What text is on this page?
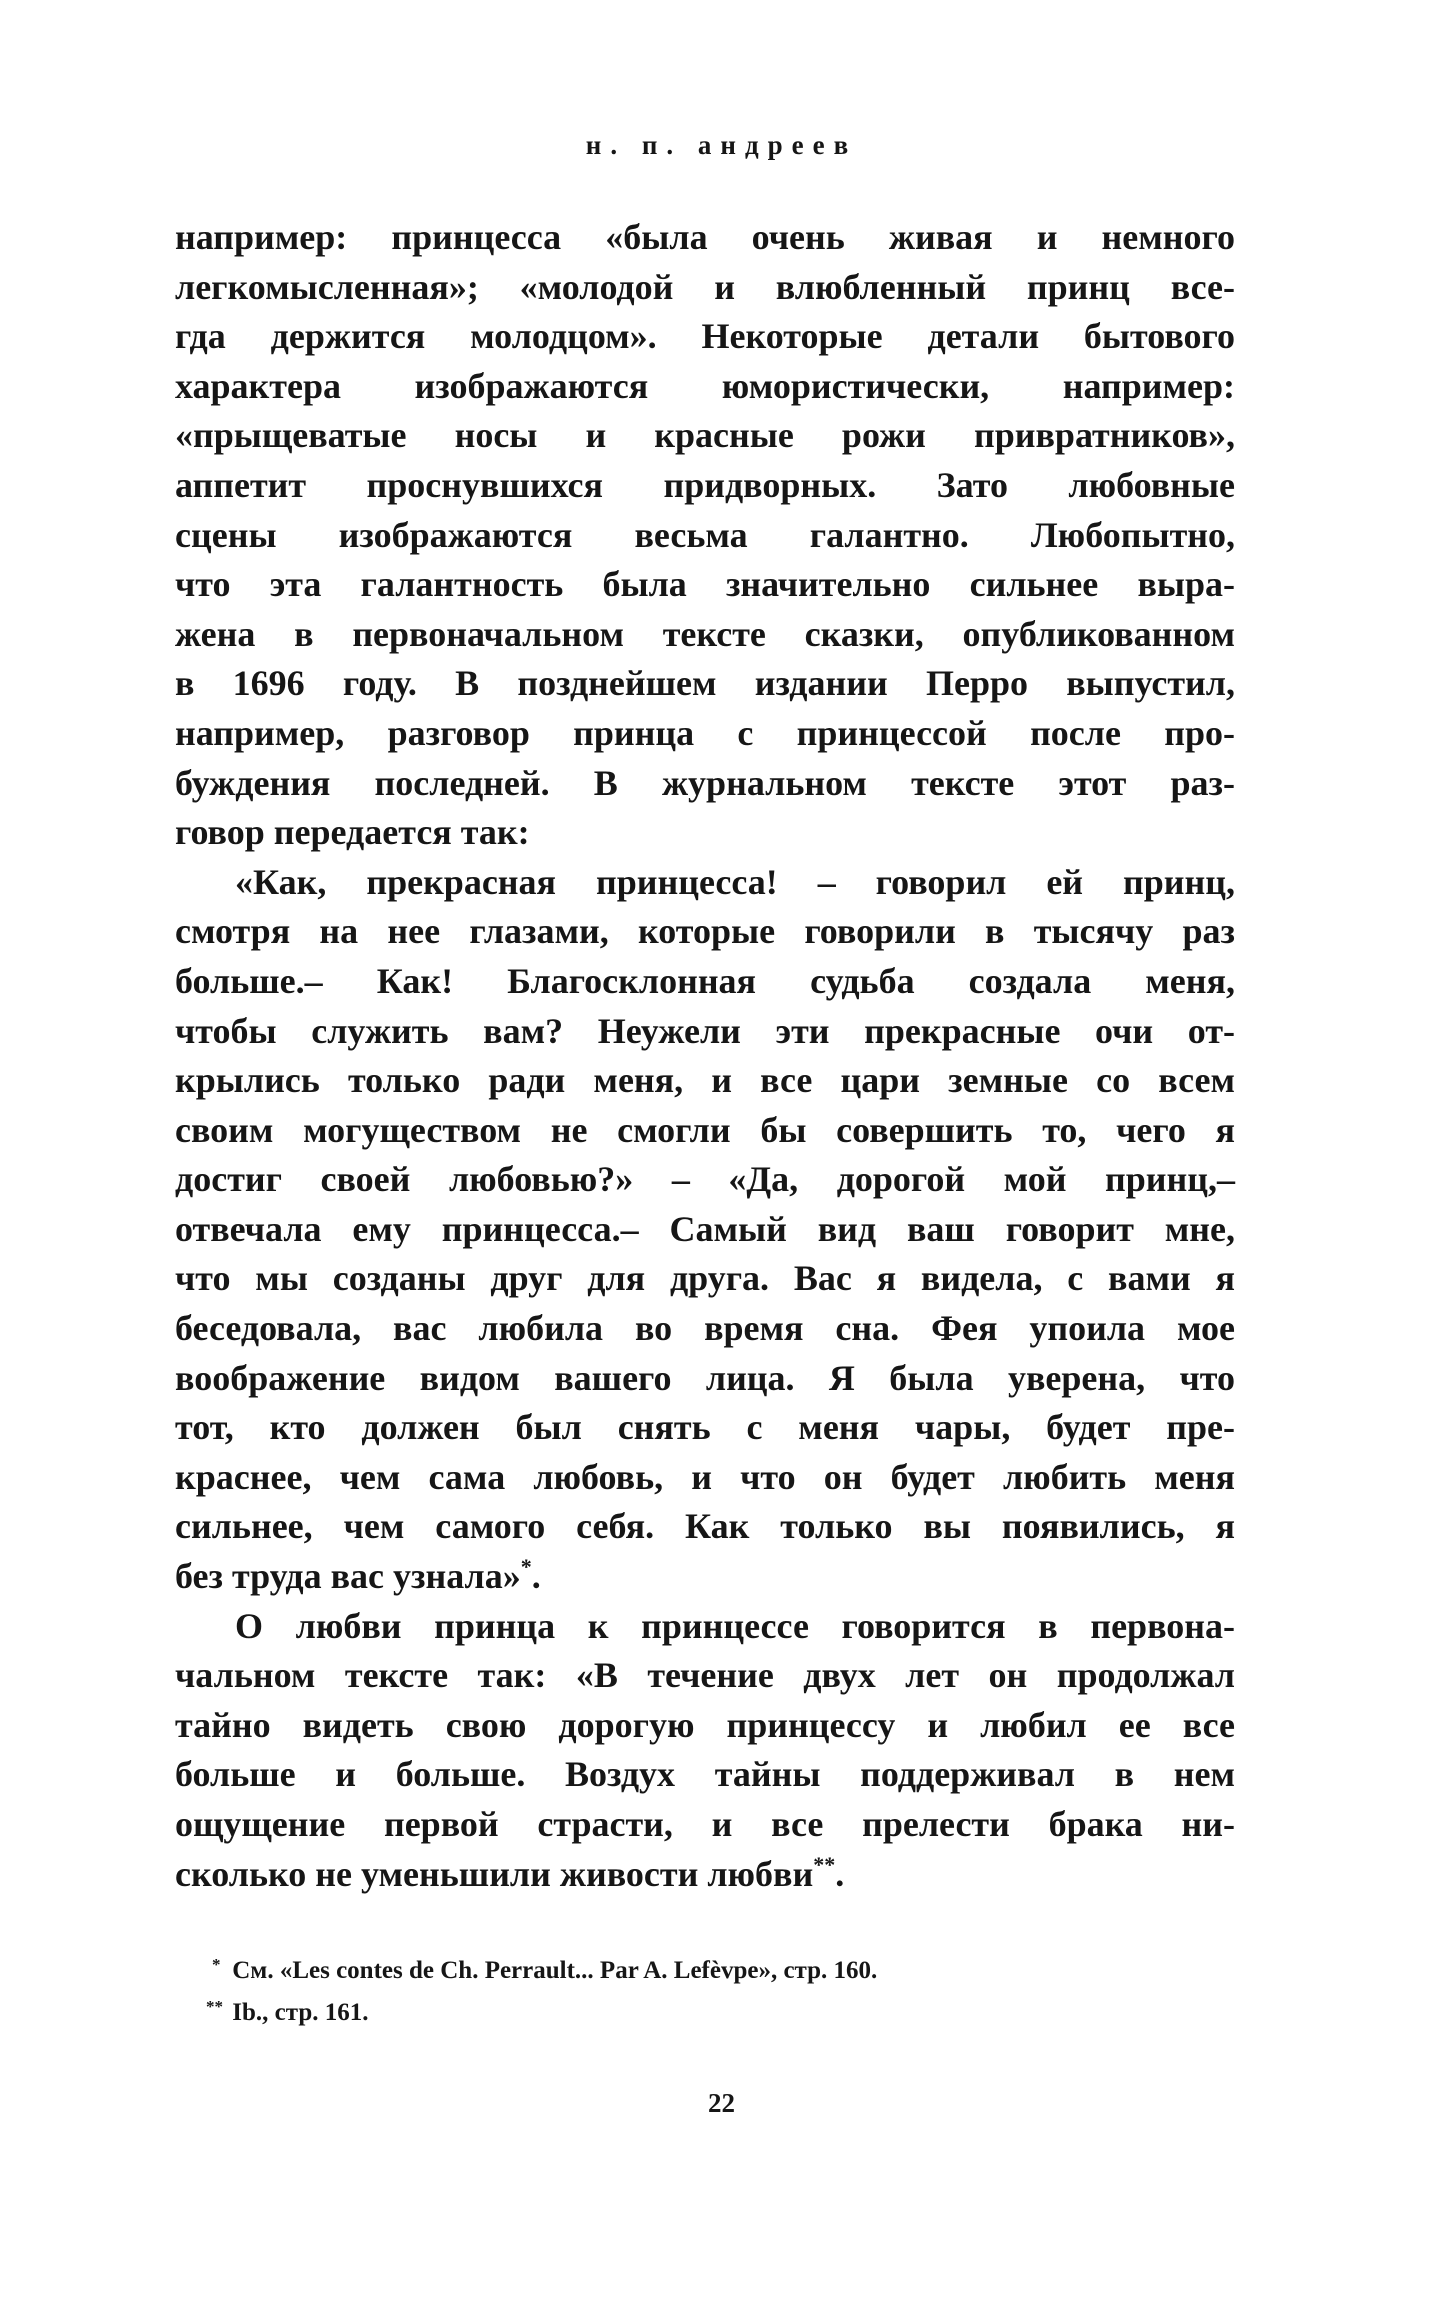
н. п. андреев
например: принцесса «была очень живая и немного
легкомысленная»; «молодой и влюбленный принц все-
гда держится молодцом». Некоторые детали бытового
характера изображаются юмористически, например:
«прыщеватые носы и красные рожи привратников»,
аппетит проснувшихся придворных. Зато любовные
сцены изображаются весьма галантно. Любопытно,
что эта галантность была значительно сильнее выра-
жена в первоначальном тексте сказки, опубликованном
в 1696 году. В позднейшем издании Перро выпустил,
например, разговор принца с принцессой после про-
буждения последней. В журнальном тексте этот раз-
говор передается так:
«Как, прекрасная принцесса! – говорил ей принц,
смотря на нее глазами, которые говорили в тысячу раз
больше.– Как! Благосклонная судьба создала меня,
чтобы служить вам? Неужели эти прекрасные очи от-
крылись только ради меня, и все цари земные со всем
своим могуществом не смогли бы совершить то, чего я
достиг своей любовью?» – «Да, дорогой мой принц,–
отвечала ему принцесса.– Самый вид ваш говорит мне,
что мы созданы друг для друга. Вас я видела, с вами я
беседовала, вас любила во время сна. Фея упоила мое
воображение видом вашего лица. Я была уверена, что
тот, кто должен был снять с меня чары, будет пре-
краснее, чем сама любовь, и что он будет любить меня
сильнее, чем самого себя. Как только вы появились, я
без труда вас узнала»*.
О любви принца к принцессе говорится в первона-
чальном тексте так: «В течение двух лет он продолжал
тайно видеть свою дорогую принцессу и любил ее все
больше и больше. Воздух тайны поддерживал в нем
ощущение первой страсти, и все прелести брака ни-
сколько не уменьшили живости любви**.
* См. «Les contes de Ch. Perrault... Par A. Lefèvpe», стр. 160.
** Ib., стр. 161.
22
